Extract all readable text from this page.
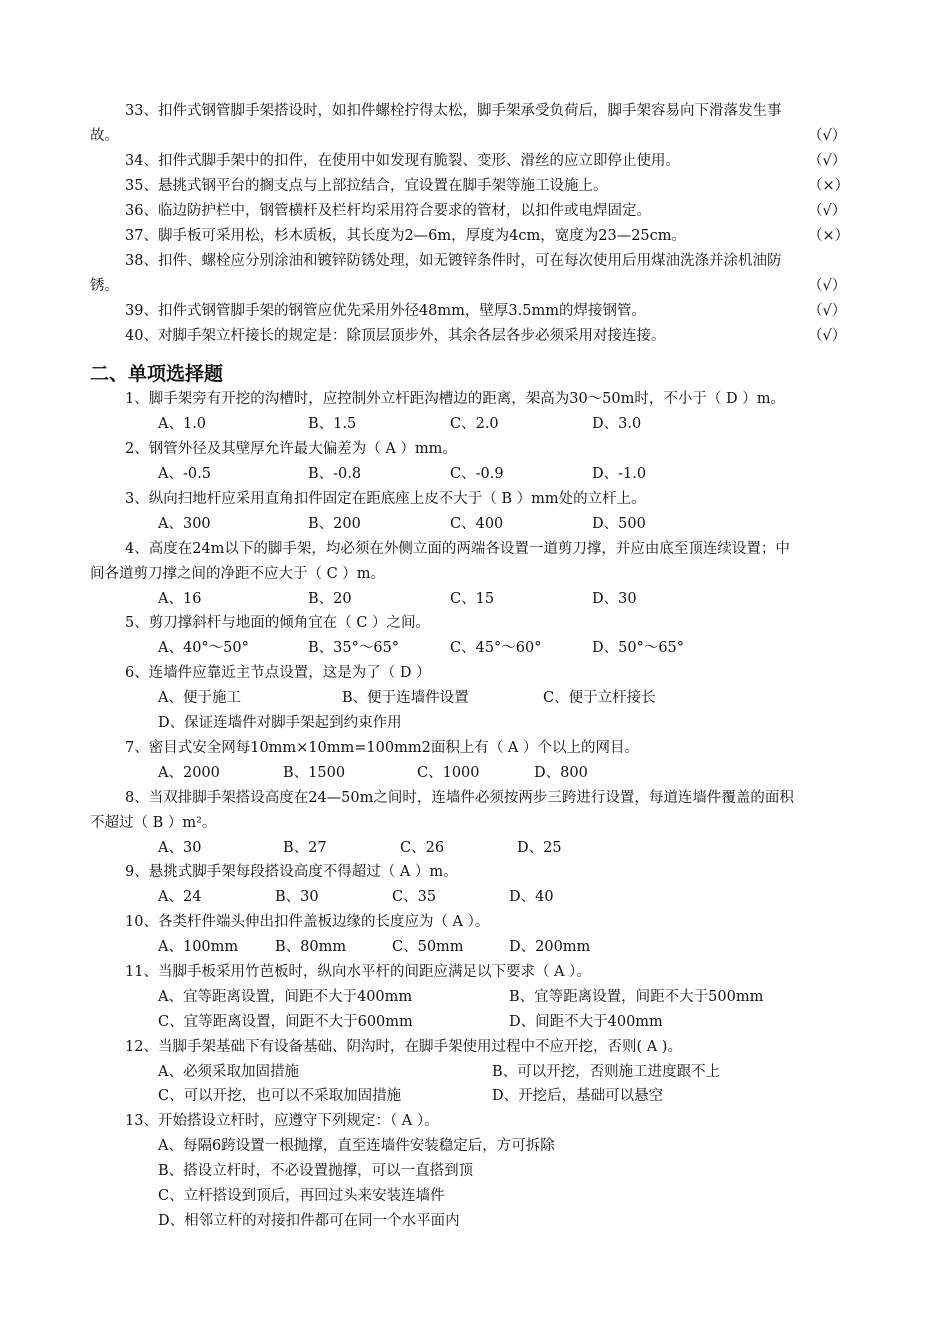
33、扣件式钢管脚手架搭设时，如扣件螺栓拧得太松，脚手架承受负荷后，脚手架容易向下滑落发生事
故。	（√）
34、扣件式脚手架中的扣件，在使用中如发现有脆裂、变形、滑丝的应立即停止使用。	（√）
35、悬挑式钢平台的搁支点与上部拉结合，宜设置在脚手架等施工设施上。	（×）
36、临边防护栏中，钢管横杆及栏杆均采用符合要求的管材，以扣件或电焊固定。	（√）
37、脚手板可采用松，杉木质板，其长度为2—6m，厚度为4cm，宽度为23—25cm。	（×）
38、扣件、螺栓应分别涂油和镀锌防锈处理，如无镀锌条件时，可在每次使用后用煤油洗涤并涂机油防
锈。	（√）
39、扣件式钢管脚手架的钢管应优先采用外径48mm，壁厚3.5mm的焊接钢管。	（√）
40、对脚手架立杆接长的规定是：除顶层顶步外，其余各层各步必须采用对接连接。	（√）
二、单项选择题
1、脚手架旁有开挖的沟槽时，应控制外立杆距沟槽边的距离，架高为30～50m时，不小于（ D ）m。
A、1.0	B、1.5	C、2.0	D、3.0
2、钢管外径及其壁厚允许最大偏差为（ A ）mm。
A、-0.5	B、-0.8	C、-0.9	D、-1.0
3、纵向扫地杆应采用直角扣件固定在距底座上皮不大于（ B ）mm处的立杆上。
A、300	B、200	C、400	D、500
4、高度在24m以下的脚手架，均必须在外侧立面的两端各设置一道剪刀撑，并应由底至顶连续设置；中
间各道剪刀撑之间的净距不应大于（ C ）m。
A、16	B、20	C、15	D、30
5、剪刀撑斜杆与地面的倾角宜在（ C ）之间。
A、40°～50°	B、35°～65°	C、45°～60°	D、50°～65°
6、连墙件应靠近主节点设置，这是为了（ D ）
A、便于施工	B、便于连墙件设置	C、便于立杆接长
D、保证连墙件对脚手架起到约束作用
7、密目式安全网每10mm×10mm=100mm2面积上有（ A ）个以上的网目。
A、2000	B、1500	C、1000	D、800
8、当双排脚手架搭设高度在24—50m之间时，连墙件必须按两步三跨进行设置，每道连墙件覆盖的面积
不超过（ B ）m²。
A、30	B、27	C、26	D、25
9、悬挑式脚手架每段搭设高度不得超过（ A ）m。
A、24	B、30	C、35	D、40
10、各类杆件端头伸出扣件盖板边缘的长度应为（ A ）。
A、100mm	B、80mm	C、50mm	D、200mm
11、当脚手板采用竹芭板时，纵向水平杆的间距应满足以下要求（ A ）。
A、宜等距离设置，间距不大于400mm	B、宜等距离设置，间距不大于500mm
C、宜等距离设置，间距不大于600mm	D、间距不大于400mm
12、当脚手架基础下有设备基础、阴沟时，在脚手架使用过程中不应开挖，否则( A )。
A、必须采取加固措施	B、可以开挖，否则施工进度跟不上
C、可以开挖，也可以不采取加固措施	D、开挖后，基础可以悬空
13、开始搭设立杆时，应遵守下列规定：（ A ）。
A、每隔6跨设置一根抛撑，直至连墙件安装稳定后，方可拆除
B、搭设立杆时，不必设置抛撑，可以一直搭到顶
C、立杆搭设到顶后，再回过头来安装连墙件
D、相邻立杆的对接扣件都可在同一个水平面内
